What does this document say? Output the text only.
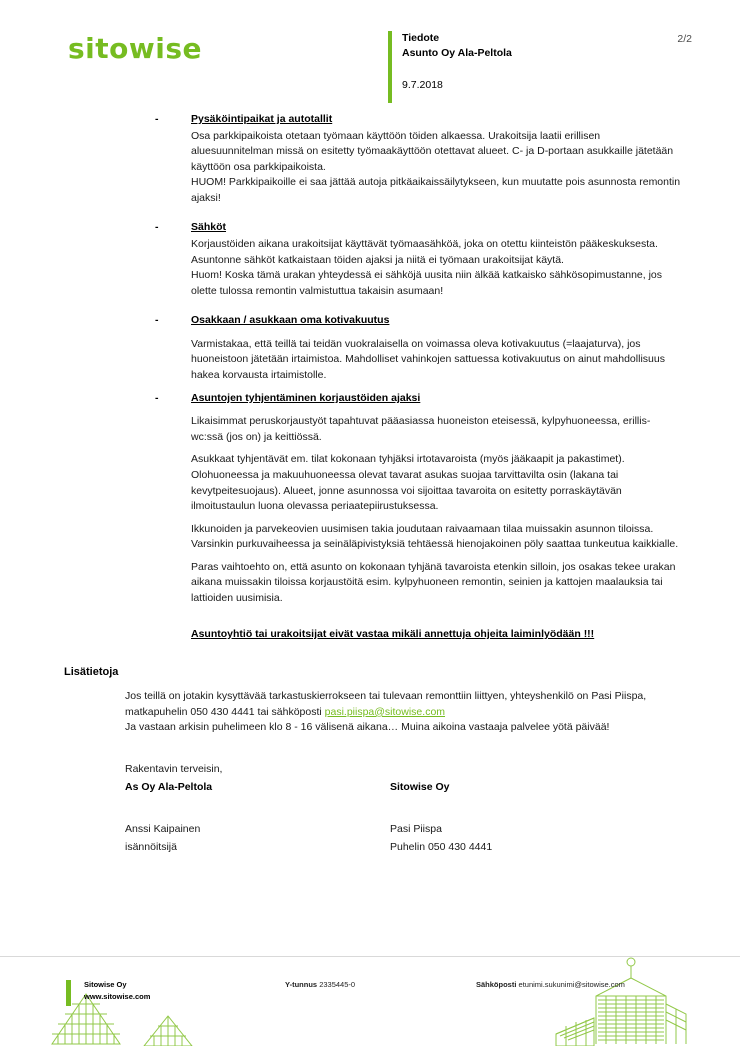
sitowise	Tiedote
Asunto Oy Ala-Peltola
9.7.2018
2/2
-	Pysäköintipaikat ja autotallit

Osa parkkipaikoista otetaan työmaan käyttöön töiden alkaessa. Urakoitsija laatii erillisen aluesuunnitelman missä on esitetty työmaakäyttöön otettavat alueet. C- ja D-portaan asukkaille jätetään käyttöön osa parkkipaikoista.

HUOM! Parkkipaikoille ei saa jättää autoja pitkäaikaissäilytykseen, kun muutatte pois asunnosta remontin ajaksi!

-	Sähköt

Korjaustöiden aikana urakoitsijat käyttävät työmaasähköä, joka on otettu kiinteistön pääkeskuksesta. Asuntonne sähköt katkaistaan töiden ajaksi ja niitä ei työmaan urakoitsijat käytä.

Huom! Koska tämä urakan yhteydessä ei sähköjä uusita niin älkää katkaisko sähkösopimustanne, jos olette tulossa remontin valmistuttua takaisin asumaan!

-	Osakkaan / asukkaan oma kotivakuutus

Varmistakaa, että teillä tai teidän vuokralaisella on voimassa oleva kotivakuutus (=laajaturva), jos huoneistoon jätetään irtaimistoa. Mahdolliset vahinkojen sattuessa kotivakuutus on ainut mahdollisuus hakea korvausta irtaimistolle.

-	Asuntojen tyhjentäminen korjaustöiden ajaksi

Likaisimmat peruskorjaustyöt tapahtuvat pääasiassa huoneiston eteisessä, kylpyhuoneessa, erillis-wc:ssä (jos on) ja keittiössä.

Asukkaat tyhjentävät em. tilat kokonaan tyhjäksi irtotavaroista (myös jääkaapit ja pakastimet). Olohuoneessa ja makuuhuoneessa olevat tavarat asukas suojaa tarvittavilta osin (lakana tai kevytpeitesuojaus). Alueet, jonne asunnossa voi sijoittaa tavaroita on esitetty porraskäytävän ilmoitustaulun luona olevassa periaatepiirustuksessa.

Ikkunoiden ja parvekeovien uusimisen takia joudutaan raivaamaan tilaa muissakin asunnon tiloissa. Varsinkin purkuvaiheessa ja seinäläpivistyksiä tehtäessä hienojakoinen pöly saattaa tunkeutua kaikkialle.

Paras vaihtoehto on, että asunto on kokonaan tyhjänä tavaroista etenkin silloin, jos osakas tekee urakan aikana muissakin tiloissa korjaustöitä esim. kylpyhuoneen remontin, seinien ja kattojen maalauksia tai lattioiden uusimisia.

Asuntoyhtiö tai urakoitsijat eivät vastaa mikäli annettuja ohjeita laiminlyödään !!!
Lisätietoja
Jos teillä on jotakin kysyttävää tarkastuskierrokseen tai tulevaan remonttiin liittyen, yhteyshenkilö on Pasi Piispa, matkapuhelin 050 430 4441 tai sähköposti pasi.piispa@sitowise.com
Ja vastaan arkisin puhelimeen klo 8 - 16 välisenä aikana… Muina aikoina vastaaja palvelee yötä päivää!
Rakentavin terveisin,
As Oy Ala-Peltola	Sitowise Oy
Anssi Kaipainen	Pasi Piispa
isännöitsijä	Puhelin 050 430 4441
Sitowise Oy
www.sitowise.com
Y-tunnus 2335445-0	Sähköposti etunimi.sukunimi@sitowise.com
